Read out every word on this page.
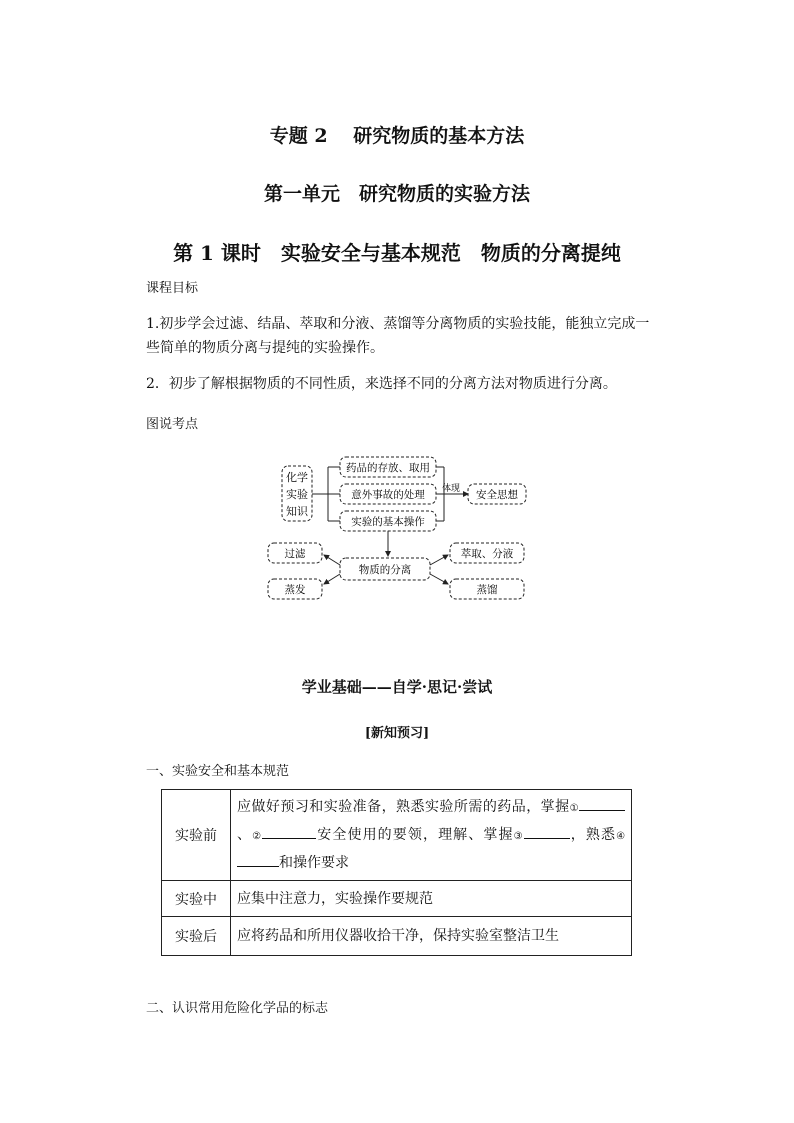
专题 2　 研究物质的基本方法
第一单元　研究物质的实验方法
第 1 课时　实验安全与基本规范　物质的分离提纯
课程目标
1.初步学会过滤、结晶、萃取和分液、蒸馏等分离物质的实验技能，能独立完成一些简单的物质分离与提纯的实验操作。
2．初步了解根据物质的不同性质，来选择不同的分离方法对物质进行分离。
图说考点
化学
实验
知识
药品的存放、取用
意外事故的处理
实验的基本操作
体现 安全思想
物质的分离
过滤
蒸发
萃取、分液
蒸馏
学业基础——自学·思记·尝试
[新知预习]
一、实验安全和基本规范
实验前	应做好预习和实验准备，熟悉实验所需的药品，掌握①、② 安全使用的要领，理解、掌握③ ，熟悉④和操作要求

实验中	应集中注意力，实验操作要规范
实验后	应将药品和所用仪器收拾干净，保持实验室整洁卫生
二、认识常用危险化学品的标志
